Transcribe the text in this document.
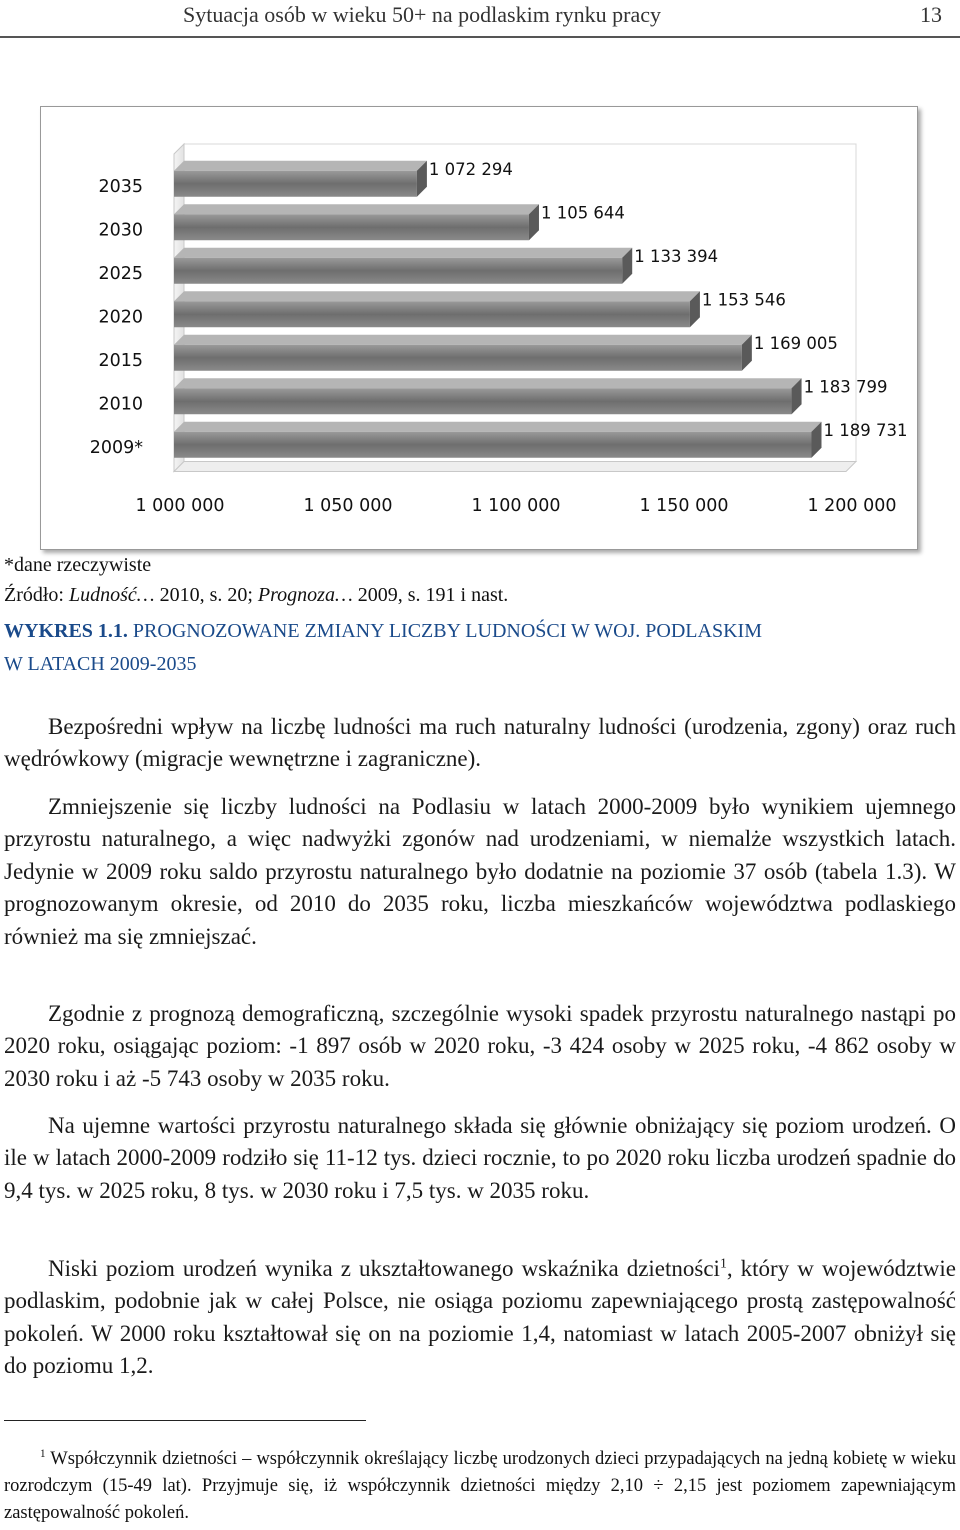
Sytuacja osób w wieku 50+ na podlaskim rynku pracy	13
1 072 294
1 105 644
1 133 394
1 153 546
1 169 005
1 183 799
1 189 731
2035
2030
2025
2020
2015
2010
2009*
1 000 000	1 050 000	1 100 000	1 150 000	1 200 000
*dane rzeczywiste
Źródło: Ludność… 2010, s. 20; Prognoza… 2009, s. 191 i nast.
WYKRES 1.1. PROGNOZOWANE ZMIANY LICZBY LUDNOŚCI W WOJ. PODLASKIM
W LATACH 2009-2035
Bezpośredni wpływ na liczbę ludności ma ruch naturalny ludności (urodzenia, zgony) oraz ruch wędrówkowy (migracje wewnętrzne i zagraniczne).
Zmniejszenie się liczby ludności na Podlasiu w latach 2000-2009 było wynikiem ujemnego przyrostu naturalnego, a więc nadwyżki zgonów nad urodzeniami, w niemalże wszystkich latach. Jedynie w 2009 roku saldo przyrostu naturalnego było dodatnie na poziomie 37 osób (tabela 1.3). W prognozowanym okresie, od 2010 do 2035 roku, liczba mieszkańców województwa podlaskiego również ma się zmniejszać.
Zgodnie z prognozą demograficzną, szczególnie wysoki spadek przyrostu naturalnego nastąpi po 2020 roku, osiągając poziom: -1 897 osób w 2020 roku, -3 424 osoby w 2025 roku, -4 862 osoby w 2030 roku i aż -5 743 osoby w 2035 roku.
Na ujemne wartości przyrostu naturalnego składa się głównie obniżający się poziom urodzeń. O ile w latach 2000-2009 rodziło się 11-12 tys. dzieci rocznie, to po 2020 roku liczba urodzeń spadnie do 9,4 tys. w 2025 roku, 8 tys. w 2030 roku i 7,5 tys. w 2035 roku.
Niski poziom urodzeń wynika z ukształtowanego wskaźnika dzietności$^1$, który w województwie podlaskim, podobnie jak w całej Polsce, nie osiąga poziomu zapewniającego prostą zastępowalność pokoleń. W 2000 roku kształtował się on na poziomie 1,4, natomiast w latach 2005-2007 obniżył się do poziomu 1,2.
$^1$ Współczynnik dzietności – współczynnik określający liczbę urodzonych dzieci przypadających na jedną kobietę w wieku rozrodczym (15-49 lat). Przyjmuje się, iż współczynnik dzietności między 2,10 ÷ 2,15 jest poziomem zapewniającym zastępowalność pokoleń.
